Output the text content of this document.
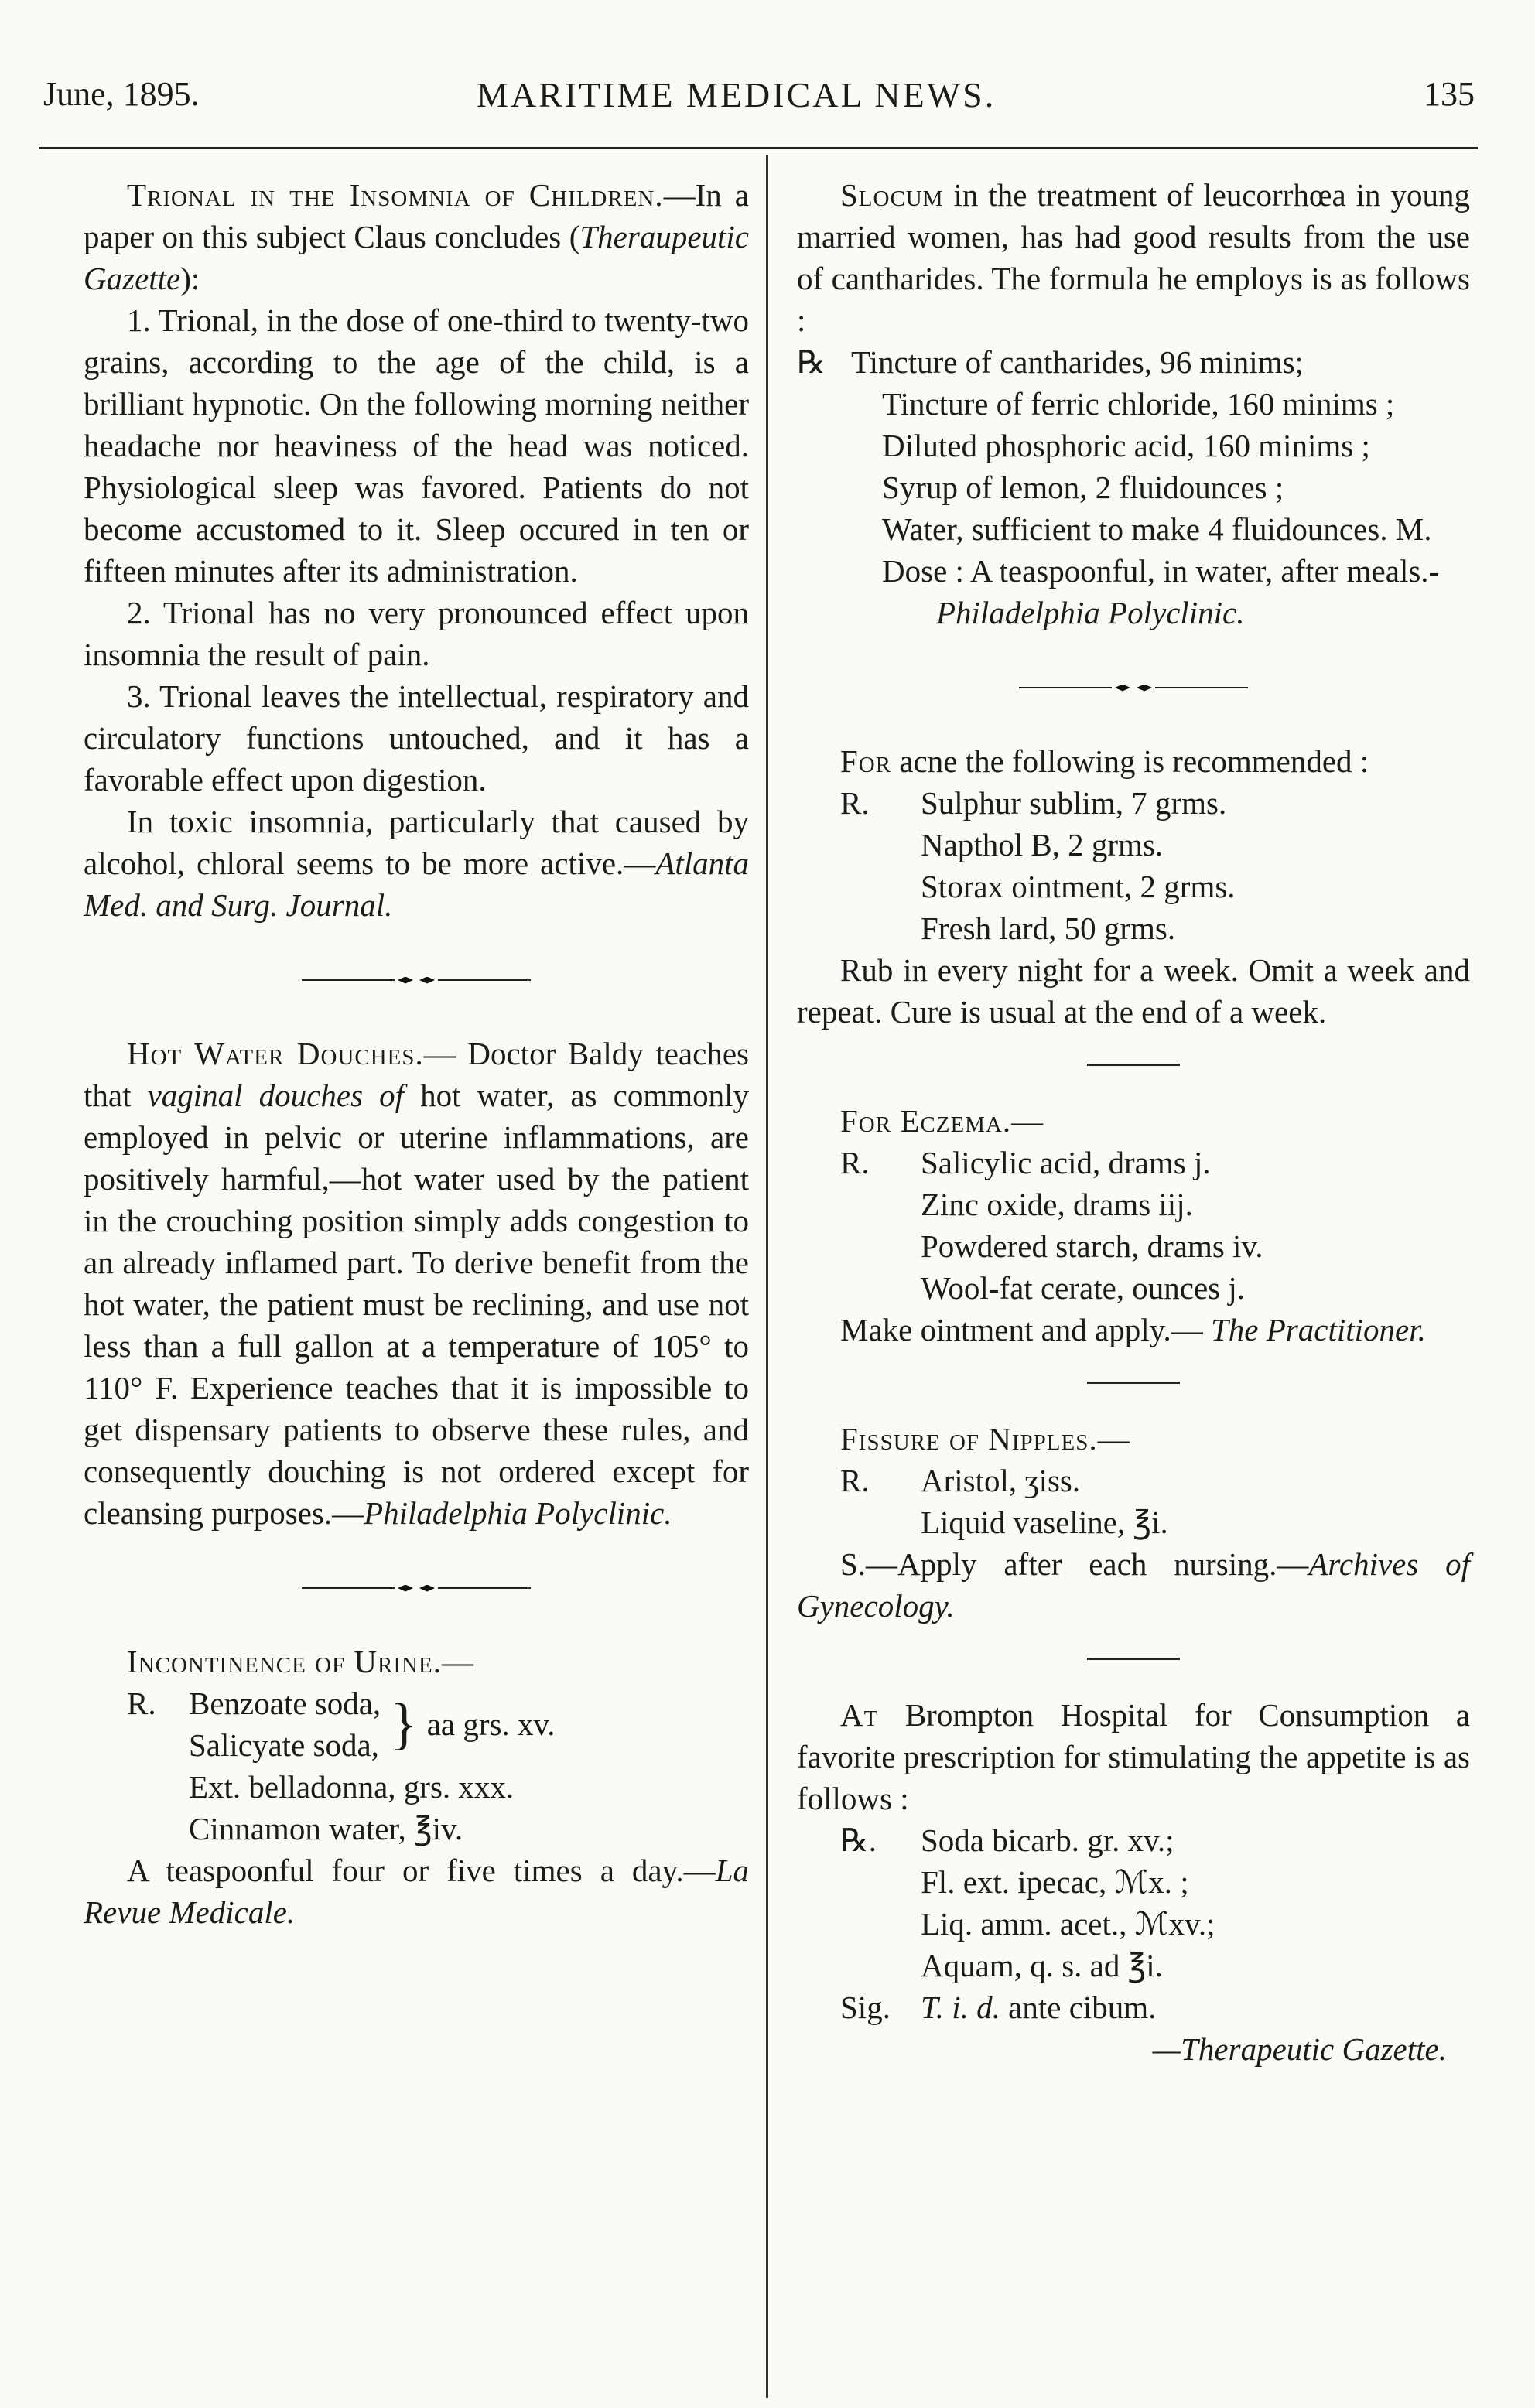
June, 1895.	MARITIME MEDICAL NEWS.	135

Trional in the Insomnia of Children.—In a paper on this subject Claus concludes (Theraupeutic Gazette):

1. Trional, in the dose of one-third to twenty-two grains, according to the age of the child, is a brilliant hypnotic. On the following morning neither headache nor heaviness of the head was noticed. Physiological sleep was favored. Patients do not become accustomed to it. Sleep occured in ten or fifteen minutes after its administration.

2. Trional has no very pronounced effect upon insomnia the result of pain.

3. Trional leaves the intellectual, respiratory and circulatory functions untouched, and it has a favorable effect upon digestion.

In toxic insomnia, particularly that caused by alcohol, chloral seems to be more active.—Atlanta Med. and Surg. Journal.

Hot Water Douches.— Doctor Baldy teaches that vaginal douches of hot water, as commonly employed in pelvic or uterine inflammations, are positively harmful,—hot water used by the patient in the crouching position simply adds congestion to an already inflamed part. To derive benefit from the hot water, the patient must be reclining, and use not less than a full gallon at a temperature of 105° to 110° F. Experience teaches that it is impossible to get dispensary patients to observe these rules, and consequently douching is not ordered except for cleansing purposes.—Philadelphia Polyclinic.

Incontinence of Urine.—

R.	Benzoate soda,
Salicyate soda, } aa grs. xv.
Ext. belladonna, grs. xxx.
Cinnamon water, ℥iv.

A teaspoonful four or five times a day.—La Revue Medicale.

Slocum in the treatment of leucorrhœa in young married women, has had good results from the use of cantharides. The formula he employs is as follows :

℞ Tincture of cantharides, 96 minims;
Tincture of ferric chloride, 160 minims ;
Diluted phosphoric acid, 160 minims ;
Syrup of lemon, 2 fluidounces ;
Water, sufficient to make 4 fluidounces. M.
Dose : A teaspoonful, in water, after meals.-Philadelphia Polyclinic.

For acne the following is recommended :

R.	Sulphur sublim, 7 grms.
Napthol B, 2 grms.
Storax ointment, 2 grms.
Fresh lard, 50 grms.

Rub in every night for a week. Omit a week and repeat. Cure is usual at the end of a week.

For Eczema.—

R.	Salicylic acid, drams j.
Zinc oxide, drams iij.
Powdered starch, drams iv.
Wool-fat cerate, ounces j.

Make ointment and apply.— The Practitioner.

Fissure of Nipples.—

R.	Aristol, ʒiss.
Liquid vaseline, ℥i.

S.—Apply after each nursing.—Archives of Gynecology.

At Brompton Hospital for Consumption a favorite prescription for stimulating the appetite is as follows :

℞.	Soda bicarb. gr. xv.;
Fl. ext. ipecac, ℳx. ;
Liq. amm. acet., ℳxv.;
Aquam, q. s. ad ℥i.
Sig. T. i. d. ante cibum.

—Therapeutic Gazette.
